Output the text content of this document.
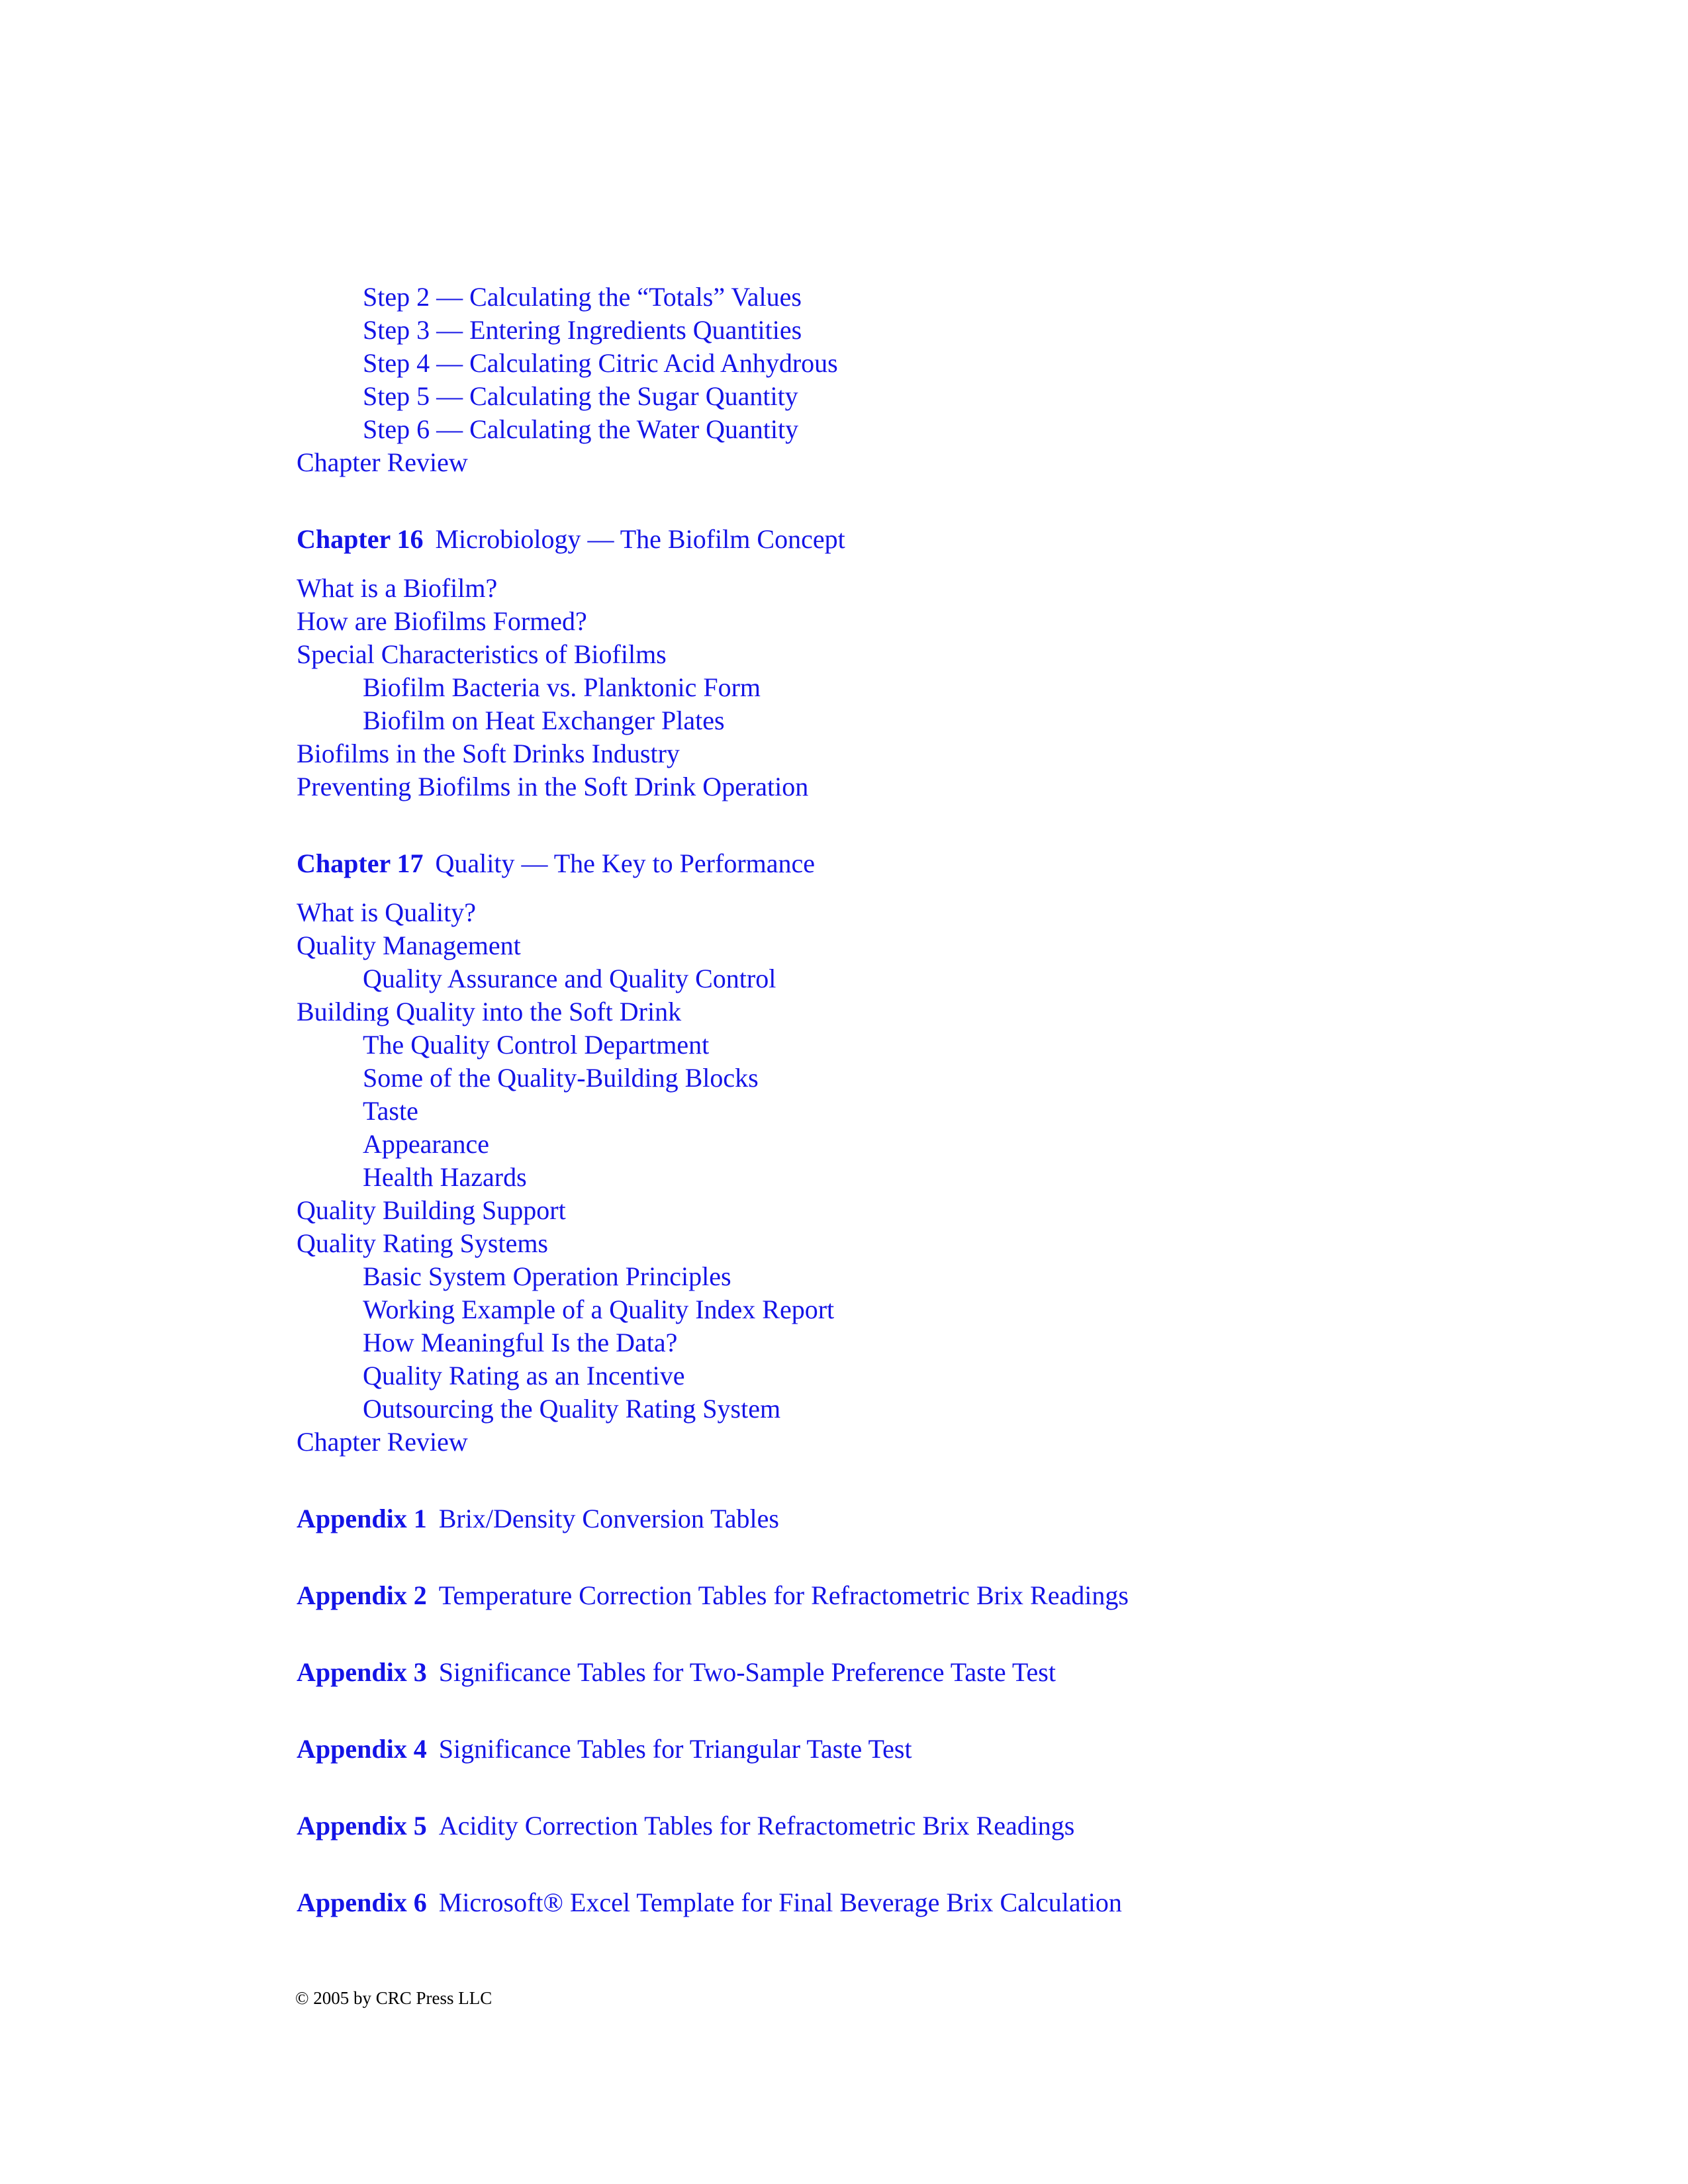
Step 2 — Calculating the “Totals” Values
Step 3 — Entering Ingredients Quantities
Step 4 — Calculating Citric Acid Anhydrous
Step 5 — Calculating the Sugar Quantity
Step 6 — Calculating the Water Quantity
Chapter Review
Chapter 16 Microbiology — The Biofilm Concept
What is a Biofilm?
How are Biofilms Formed?
Special Characteristics of Biofilms
Biofilm Bacteria vs. Planktonic Form
Biofilm on Heat Exchanger Plates
Biofilms in the Soft Drinks Industry
Preventing Biofilms in the Soft Drink Operation
Chapter 17 Quality — The Key to Performance
What is Quality?
Quality Management
Quality Assurance and Quality Control
Building Quality into the Soft Drink
The Quality Control Department
Some of the Quality-Building Blocks
Taste
Appearance
Health Hazards
Quality Building Support
Quality Rating Systems
Basic System Operation Principles
Working Example of a Quality Index Report
How Meaningful Is the Data?
Quality Rating as an Incentive
Outsourcing the Quality Rating System
Chapter Review
Appendix 1 Brix/Density Conversion Tables
Appendix 2 Temperature Correction Tables for Refractometric Brix Readings
Appendix 3 Significance Tables for Two-Sample Preference Taste Test
Appendix 4 Significance Tables for Triangular Taste Test
Appendix 5 Acidity Correction Tables for Refractometric Brix Readings
Appendix 6 Microsoft® Excel Template for Final Beverage Brix Calculation
© 2005 by CRC Press LLC
